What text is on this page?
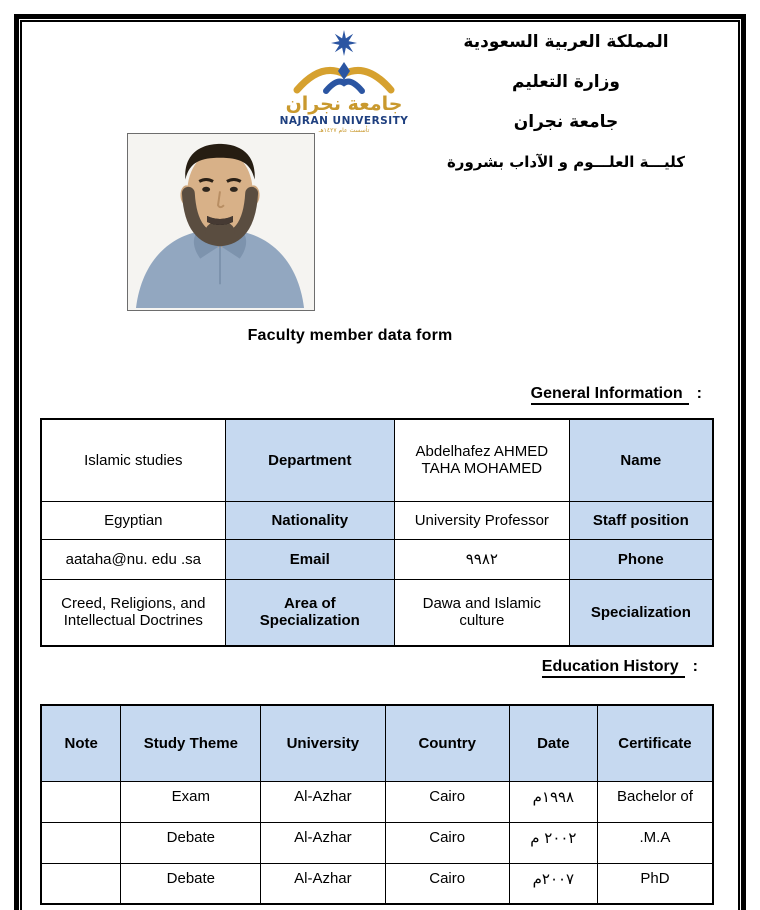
المملكة العربية السعودية
وزارة التعليم
جامعة نجران
كليـــة العلـــوم و الآداب بشرورة
جامعة نجران
NAJRAN UNIVERSITY
تأسست عام ١٤٢٧هـ
Faculty member data form
General Information :
Islamic studies	Department	Abdelhafez AHMED TAHA MOHAMED	Name
Egyptian	Nationality	University Professor	Staff position
aataha@nu. edu .sa	Email	٩٩٨٢	Phone
Creed, Religions, and Intellectual Doctrines	Area of Specialization	Dawa and Islamic culture	Specialization
Education History :
Note	Study Theme	University	Country	Date	Certificate
	Exam	Al-Azhar	Cairo	١٩٩٨م	Bachelor of
	Debate	Al-Azhar	Cairo	٢٠٠٢ م	.M.A
	Debate	Al-Azhar	Cairo	٢٠٠٧م	PhD
